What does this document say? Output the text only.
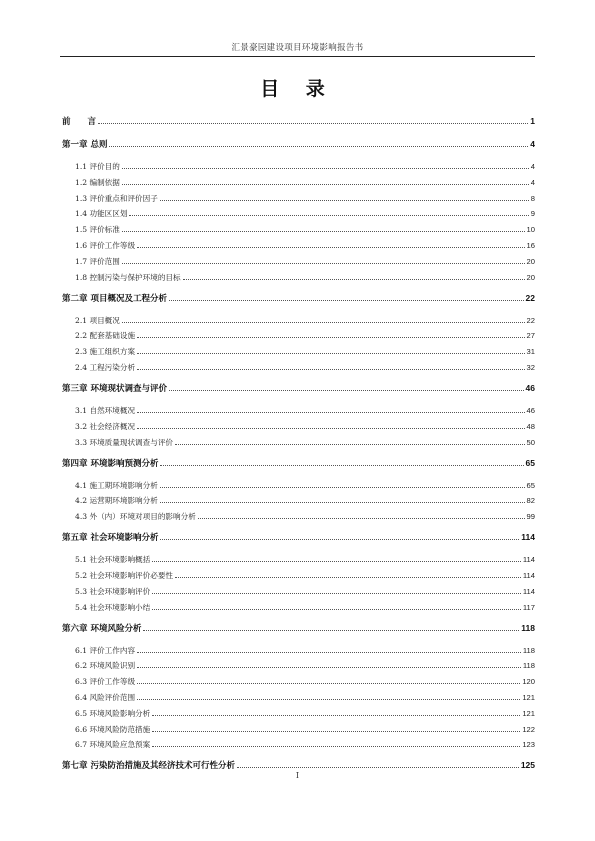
汇景豪园建设项目环境影响报告书
目 录
前　　言	1
第一章 总则	4
1.1 评价目的	4
1.2 编制依据	4
1.3 评价重点和评价因子	8
1.4 功能区区划	9
1.5 评价标准	10
1.6 评价工作等级	16
1.7 评价范围	20
1.8 控制污染与保护环境的目标	20
第二章 项目概况及工程分析	22
2.1 项目概况	22
2.2 配套基础设施	27
2.3 施工组织方案	31
2.4 工程污染分析	32
第三章 环境现状调查与评价	46
3.1 自然环境概况	46
3.2 社会经济概况	48
3.3 环境质量现状调查与评价	50
第四章 环境影响预测分析	65
4.1 施工期环境影响分析	65
4.2 运营期环境影响分析	82
4.3 外（内）环境对项目的影响分析	99
第五章 社会环境影响分析	114
5.1 社会环境影响概括	114
5.2 社会环境影响评价必要性	114
5.3 社会环境影响评价	114
5.4 社会环境影响小结	117
第六章 环境风险分析	118
6.1 评价工作内容	118
6.2 环境风险识别	118
6.3 评价工作等级	120
6.4 风险评价范围	121
6.5 环境风险影响分析	121
6.6 环境风险防范措施	122
6.7 环境风险应急预案	123
第七章 污染防治措施及其经济技术可行性分析	125
I
